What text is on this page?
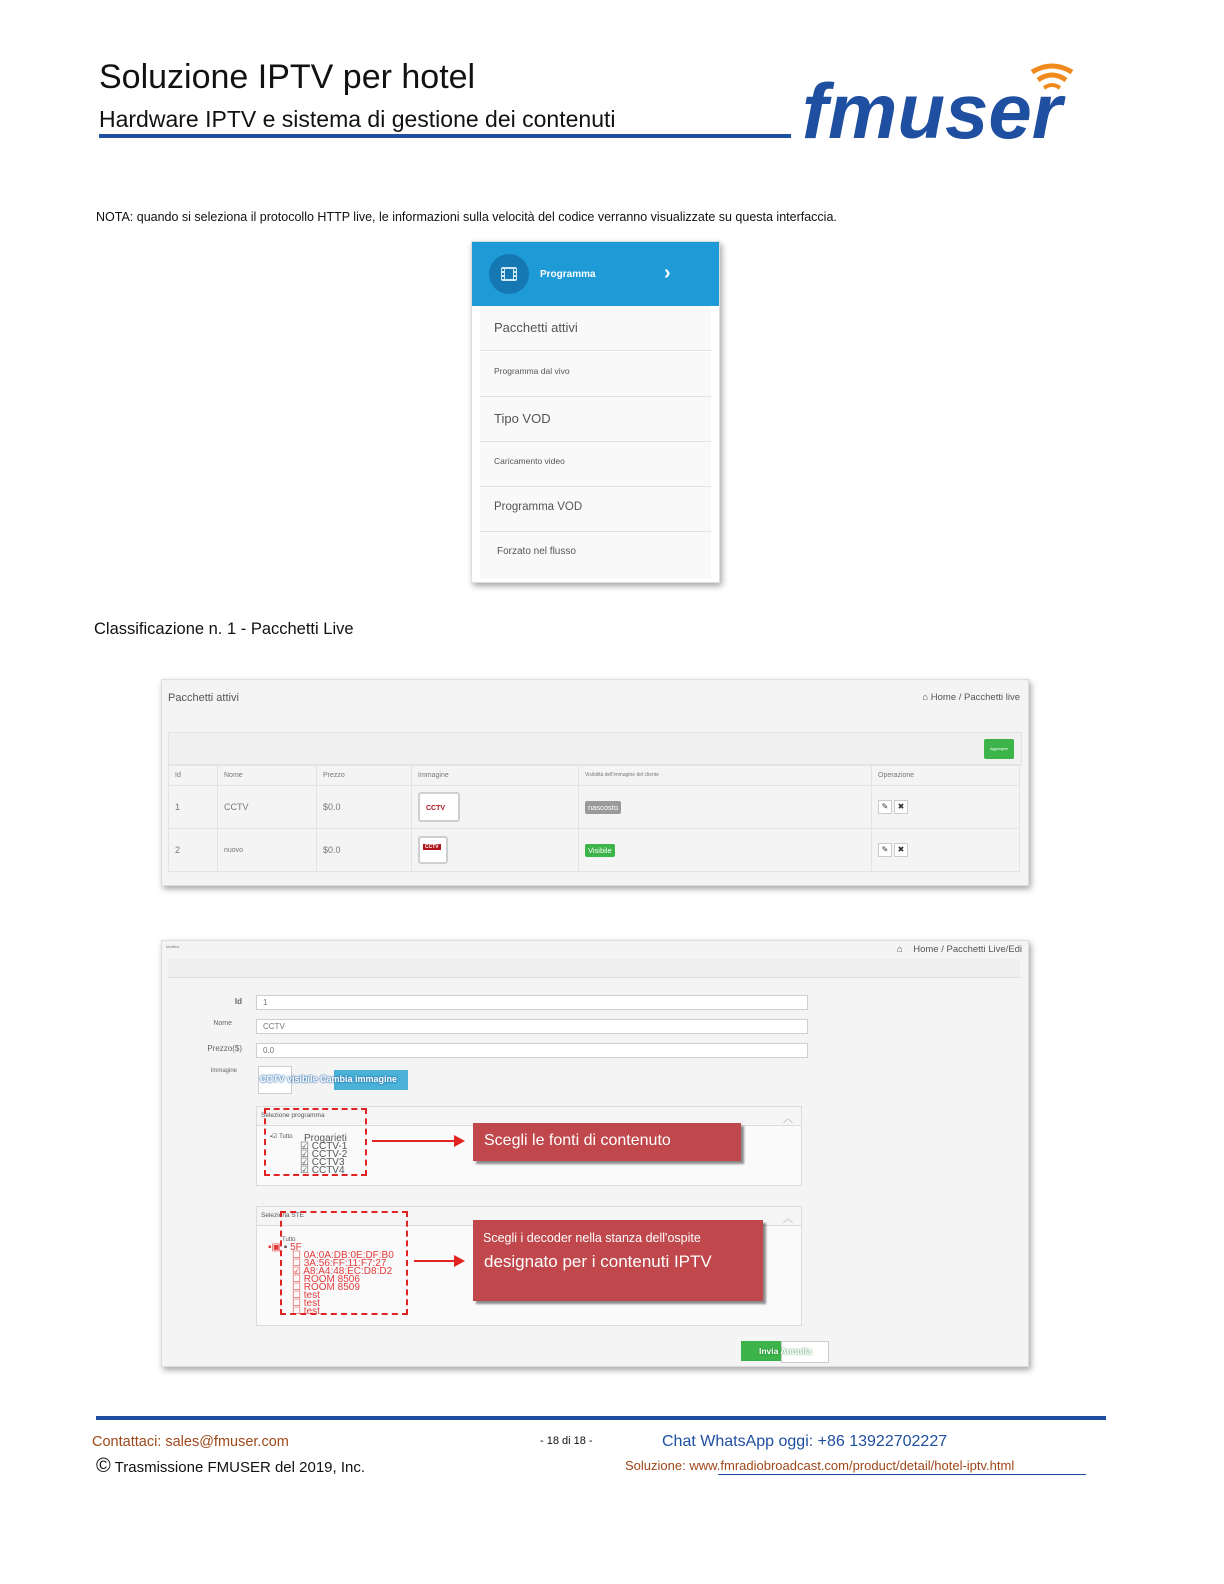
Soluzione IPTV per hotel
Hardware IPTV e sistema di gestione dei contenuti fmuser
NOTA: quando si seleziona il protocollo HTTP live, le informazioni sulla velocità del codice verranno visualizzate su questa interfaccia.
Programma	›
Pacchetti attivi
Programma dal vivo
Tipo VOD
Caricamento video
Programma VOD
Forzato nel flusso
Classificazione n. 1 - Pacchetti Live
Pacchetti attivi	⌂ Home / Pacchetti live
Aggiungere
Id	Nome	Prezzo	Immagine	Visibilità dell'immagine del cliente	Operazione
1	CCTV	$0.0	CCTV	nascosto	✎ ✖
2	nuovo	$0.0	CCTV	Visibile	✎ ✖
Modifica	⌂ Home / Pacchetti Live/Edi
Id	1
Nome	CCTV
Prezzo($)	0.0
Immagine
CCTV visibile Cambia immagine
Selezione programma	︿
▪☑ Tutto	Progarieti
☑ CCTV-1
☑ CCTV-2
☑ CCTV3
☑ CCTV4
Scegli le fonti di contenuto
Seleziona STE	︿
Tutto
▪▣ ▪ 5F
☐ 0A:0A:DB:0E:DF:B0
☐ 3A:56:FF:11:F7:27
☑ A8:A4:48:EC:D8:D2
☐ ROOM 8506
☐ ROOM 8509
☐ test
☐ test
☐ test
Scegli i decoder nella stanza dell'ospite
designato per i contenuti IPTV
Invia Annulla
Contattaci: sales@fmuser.com	- 18 di 18 -	Chat WhatsApp oggi: +86 13922702227
© Trasmissione FMUSER del 2019, Inc.	Soluzione: www.fmradiobroadcast.com/product/detail/hotel-iptv.html
